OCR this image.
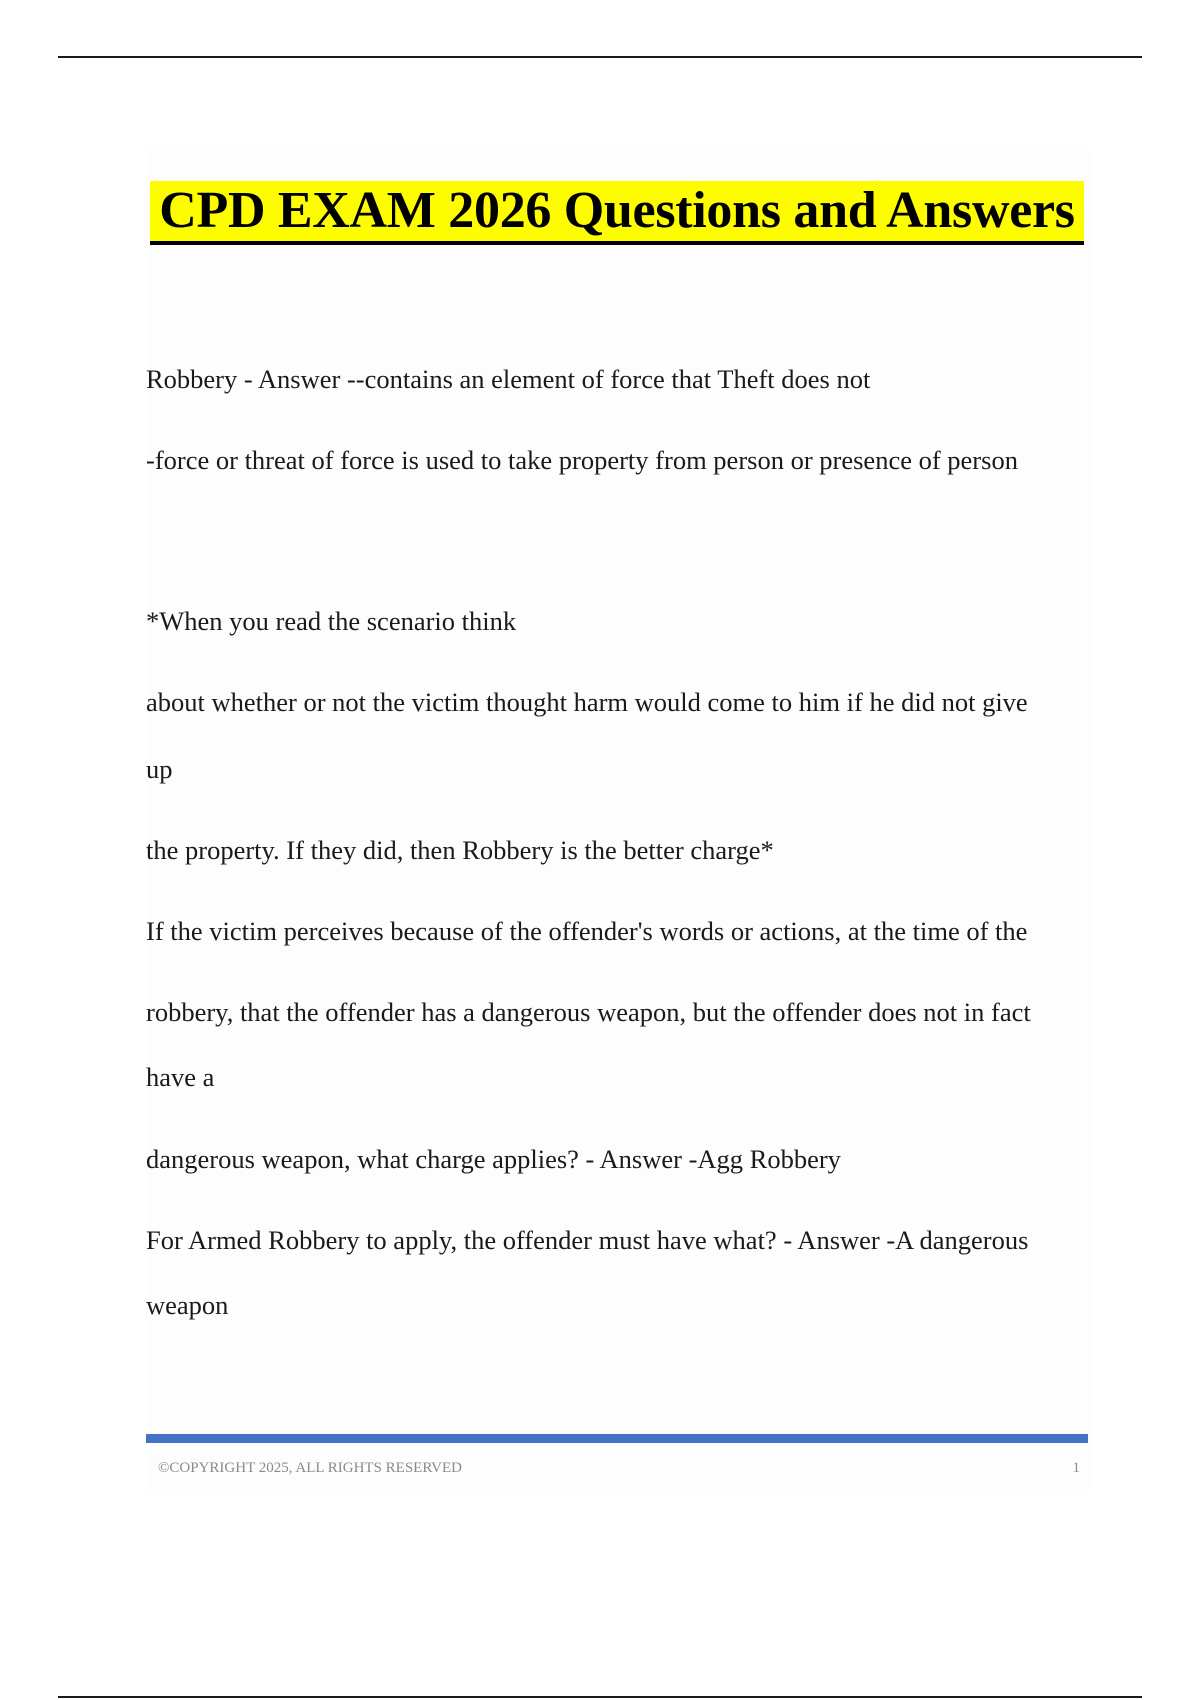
CPD EXAM 2026 Questions and Answers
Robbery - Answer --contains an element of force that Theft does not
-force or threat of force is used to take property from person or presence of person
*When you read the scenario think
about whether or not the victim thought harm would come to him if he did not give
up
the property. If they did, then Robbery is the better charge*
If the victim perceives because of the offender's words or actions, at the time of the
robbery, that the offender has a dangerous weapon, but the offender does not in fact
have a
dangerous weapon, what charge applies? - Answer -Agg Robbery
For Armed Robbery to apply, the offender must have what? - Answer -A dangerous
weapon
©COPYRIGHT 2025, ALL RIGHTS RESERVED	1
